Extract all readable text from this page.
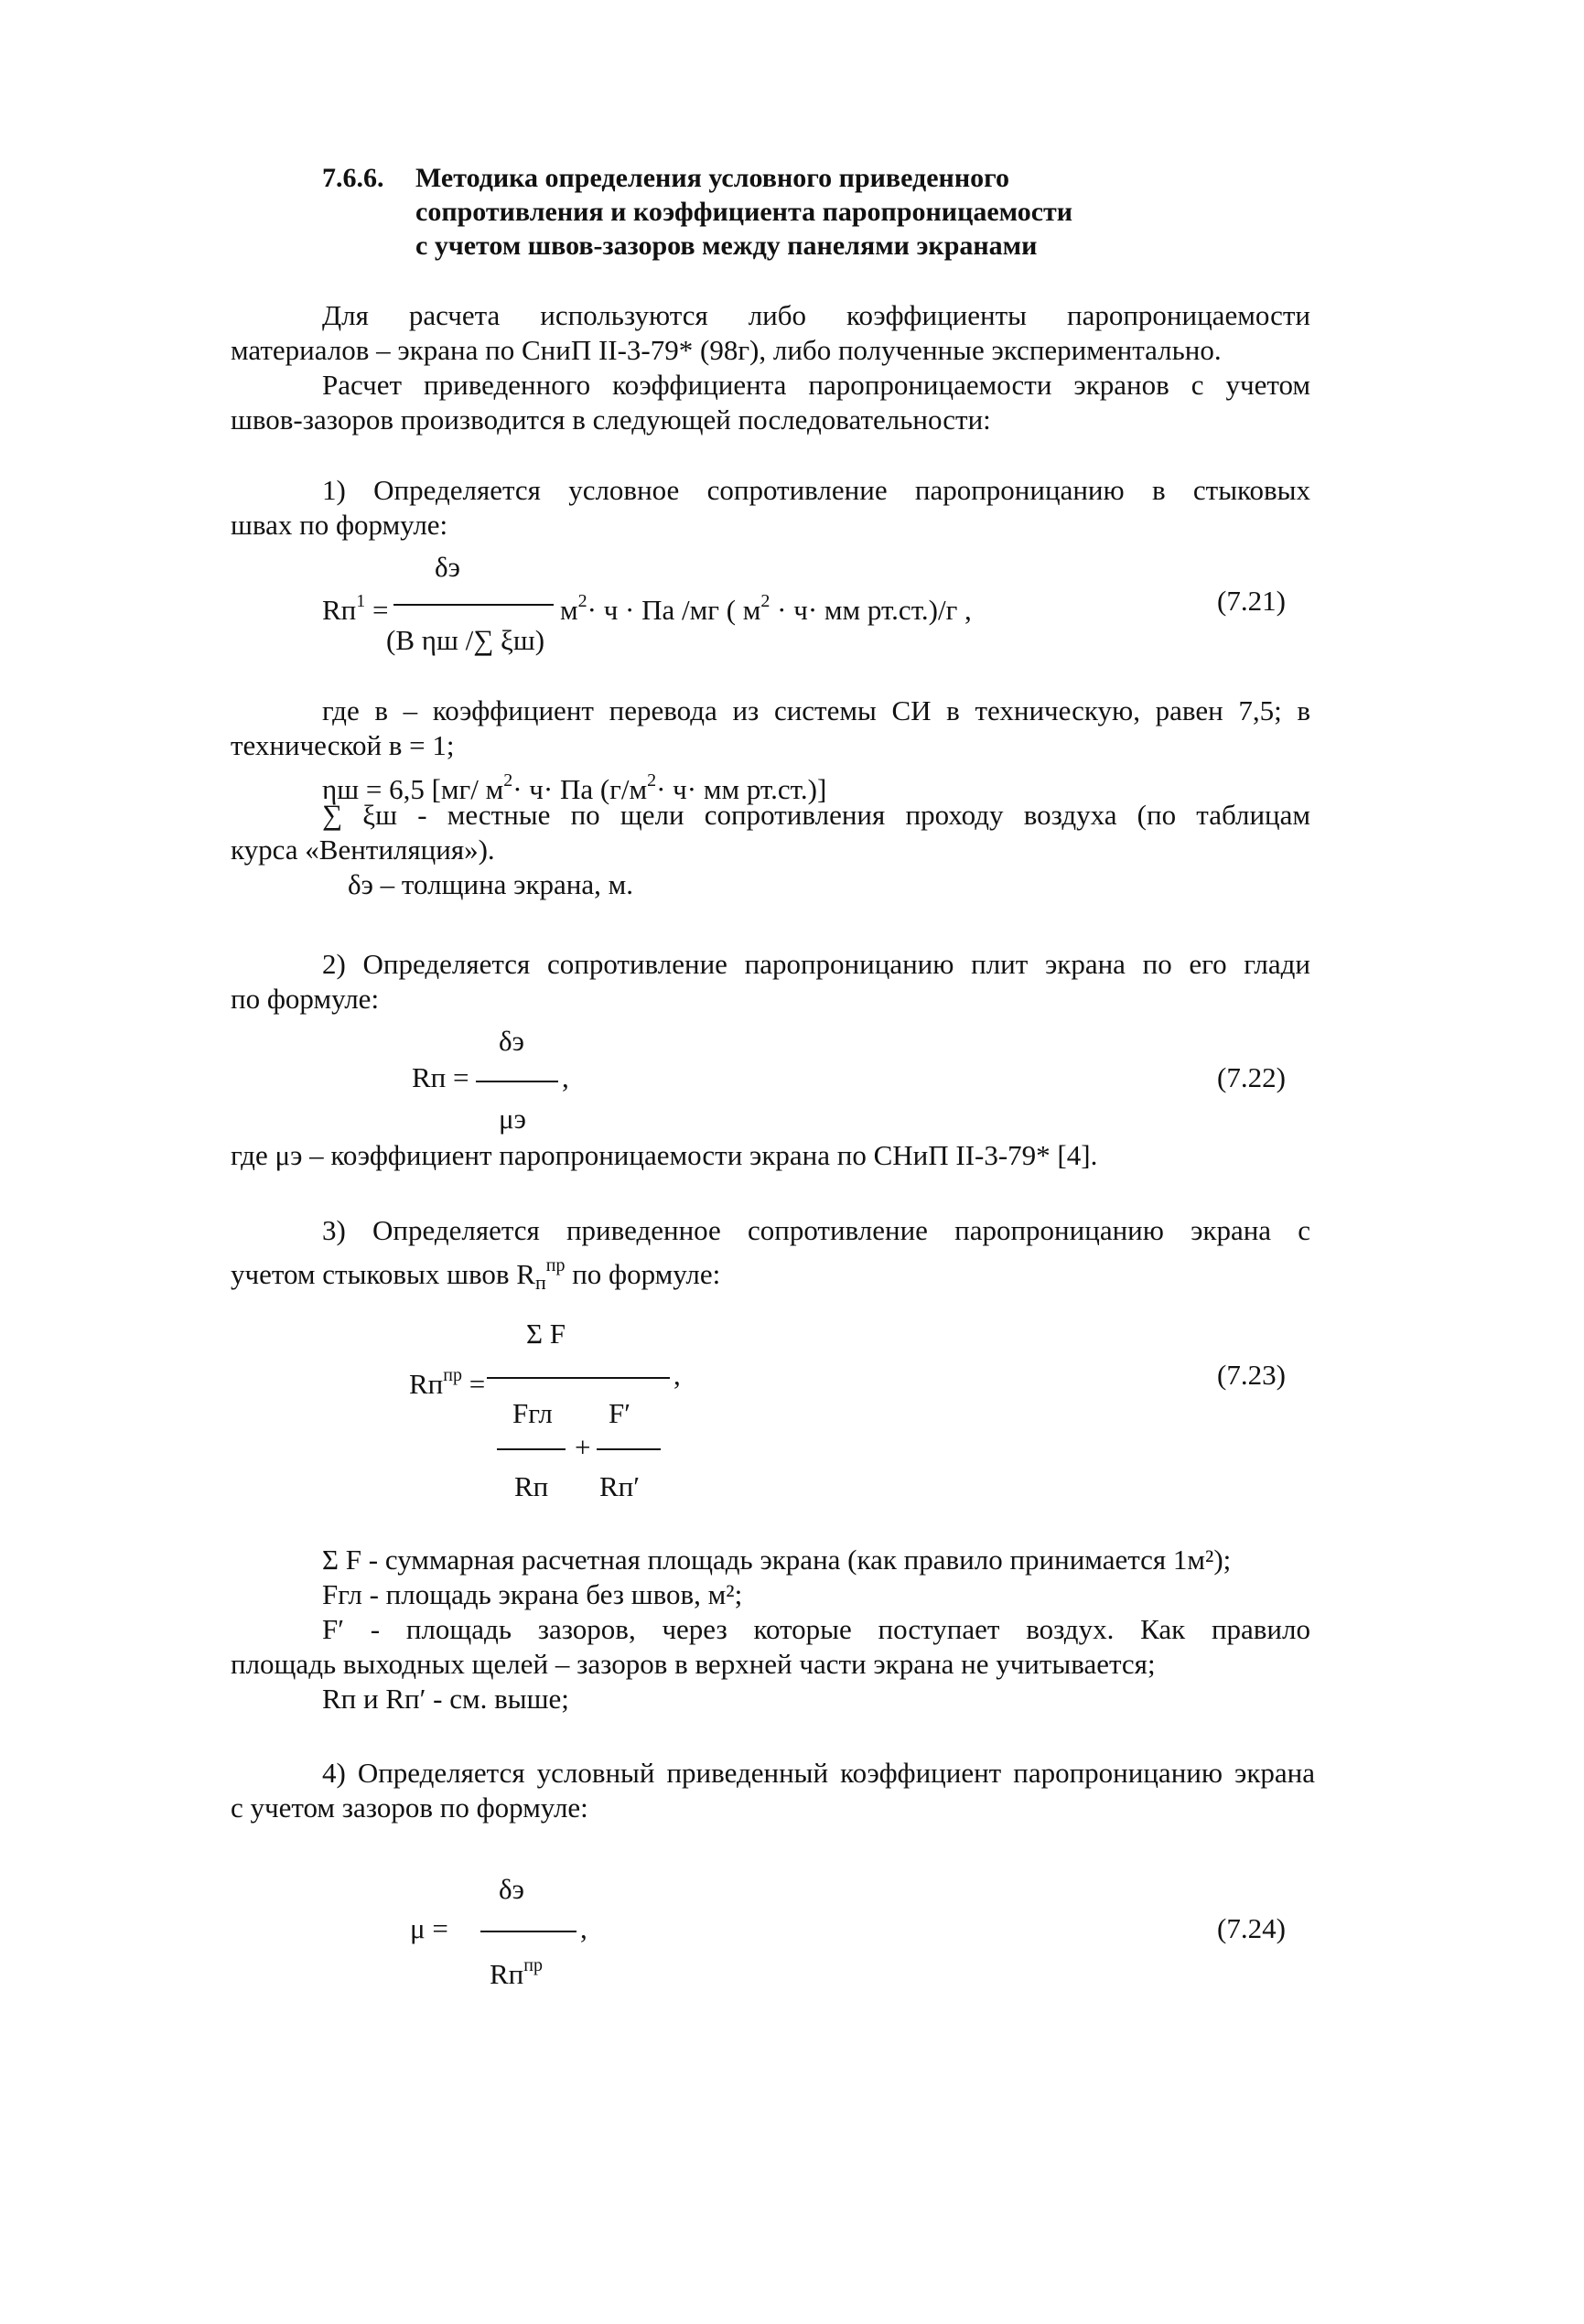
7.6.6. Методика определения условного приведенного
сопротивления и коэффициента паропроницаемости
с учетом швов-зазоров между панелями экранами
Для расчета используются либо коэффициенты паропроницаемости
материалов – экрана по СниП II-3-79* (98г), либо полученные экспериментально.
Расчет приведенного коэффициента паропроницаемости экранов с учетом
швов-зазоров производится в следующей последовательности:
1) Определяется условное сопротивление паропроницанию в стыковых
швах по формуле:
δэ
$Rп^1$ =	$м^2\cdot ч$ · Па /мг ( $м^2 \cdot ч\cdot$ мм рт.ст.)/г ,	(7.21)
(В ηш /∑ ξш)
где в – коэффициент перевода из системы СИ в техническую, равен 7,5; в
технической в = 1;
ηш = 6,5 [мг/ $м^2\cdot ч\cdot$ Па ($г/м^2\cdot ч\cdot$ мм рт.ст.)]
∑ ξш - местные по щели сопротивления проходу воздуха (по таблицам
курса «Вентиляция»).
δэ – толщина экрана, м.
2) Определяется сопротивление паропроницанию плит экрана по его глади
по формуле:
δэ
Rп =	,	(7.22)
μэ
где μэ – коэффициент паропроницаемости экрана по СНиП II-3-79* [4].
3) Определяется приведенное сопротивление паропроницанию экрана с
учетом стыковых швов $R_п^{пр}$ по формуле:
Σ F
$Rп^{пр}$ =	,	(7.23)
Fгл F′
+
Rп Rп′
Σ F - суммарная расчетная площадь экрана (как правило принимается 1м²);
Fгл - площадь экрана без швов, м²;
F′ - площадь зазоров, через которые поступает воздух. Как правило
площадь выходных щелей – зазоров в верхней части экрана не учитывается;
Rп и Rп′ - см. выше;
4) Определяется условный приведенный коэффициент паропроницанию экрана
с учетом зазоров по формуле:
δэ
μ =	,	(7.24)
$Rп^{пр}$
